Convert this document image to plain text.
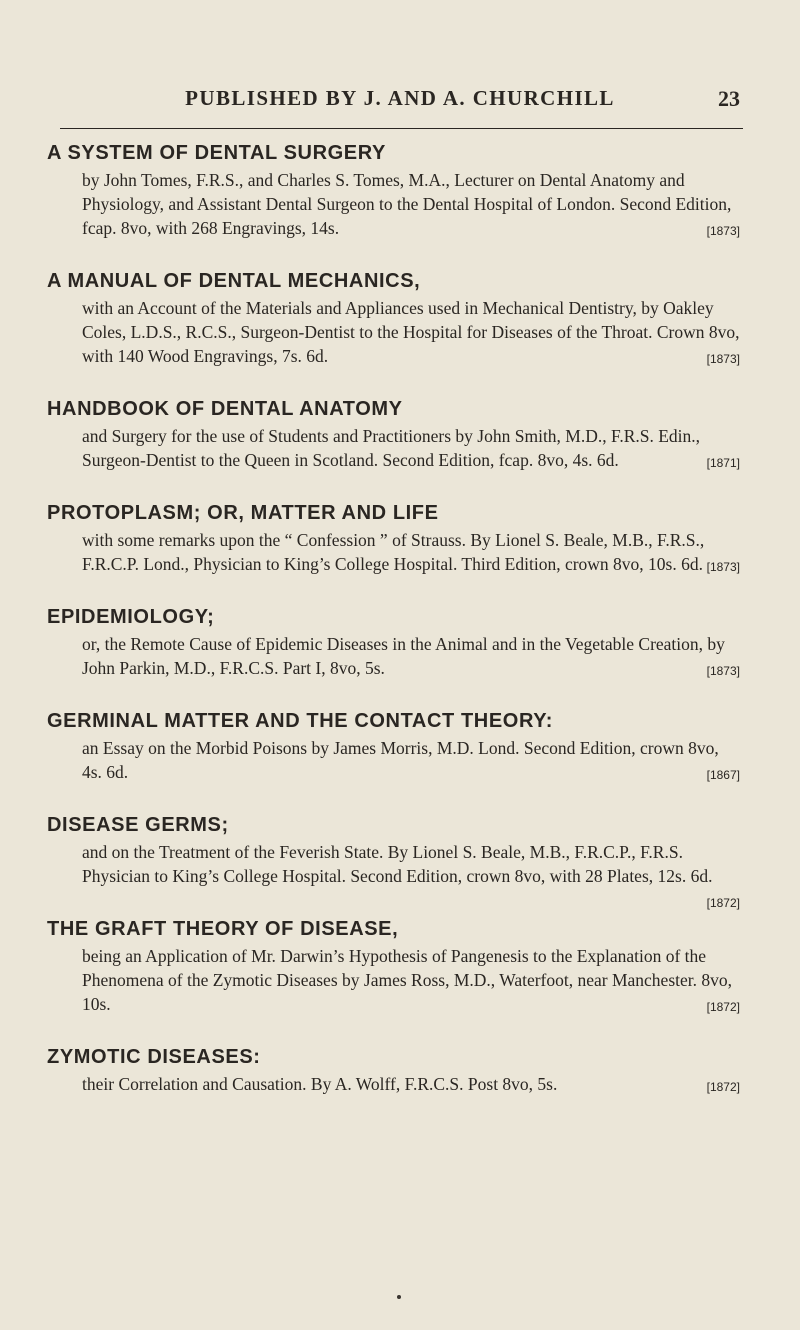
PUBLISHED BY J. AND A. CHURCHILL	23
A SYSTEM OF DENTAL SURGERY
by John Tomes, F.R.S., and Charles S. Tomes, M.A., Lecturer on Dental Anatomy and Physiology, and Assistant Dental Surgeon to the Dental Hospital of London. Second Edition, fcap. 8vo, with 268 Engravings, 14s.	[1873]
A MANUAL OF DENTAL MECHANICS,
with an Account of the Materials and Appliances used in Mechanical Dentistry, by Oakley Coles, L.D.S., R.C.S., Surgeon-Dentist to the Hospital for Diseases of the Throat. Crown 8vo, with 140 Wood Engravings, 7s. 6d.	[1873]
HANDBOOK OF DENTAL ANATOMY
and Surgery for the use of Students and Practitioners by John Smith, M.D., F.R.S. Edin., Surgeon-Dentist to the Queen in Scotland. Second Edition, fcap. 8vo, 4s. 6d.	[1871]
PROTOPLASM; OR, MATTER AND LIFE
with some remarks upon the “ Confession ” of Strauss. By Lionel S. Beale, M.B., F.R.S., F.R.C.P. Lond., Physician to King’s College Hospital. Third Edition, crown 8vo, 10s. 6d. [1873]
EPIDEMIOLOGY;
or, the Remote Cause of Epidemic Diseases in the Animal and in the Vegetable Creation, by John Parkin, M.D., F.R.C.S. Part I, 8vo, 5s.	[1873]
GERMINAL MATTER AND THE CONTACT THEORY:
an Essay on the Morbid Poisons by James Morris, M.D. Lond. Second Edition, crown 8vo, 4s. 6d.	[1867]
DISEASE GERMS;
and on the Treatment of the Feverish State. By Lionel S. Beale, M.B., F.R.C.P., F.R.S. Physician to King’s College Hospital. Second Edition, crown 8vo, with 28 Plates, 12s. 6d.
[1872]
THE GRAFT THEORY OF DISEASE,
being an Application of Mr. Darwin’s Hypothesis of Pangenesis to the Explanation of the Phenomena of the Zymotic Diseases by James Ross, M.D., Waterfoot, near Manchester. 8vo, 10s.	[1872]
ZYMOTIC DISEASES:
their Correlation and Causation. By A. Wolff, F.R.C.S. Post 8vo, 5s.	[1872]
